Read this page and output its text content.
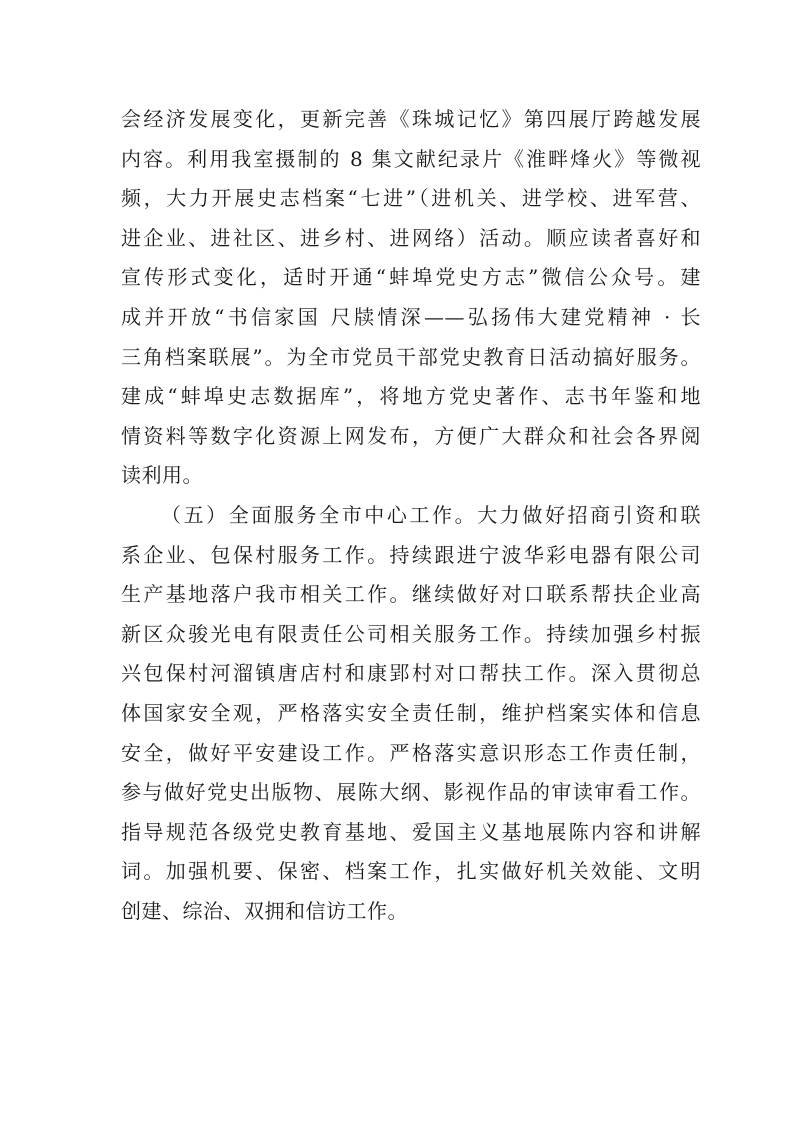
会经济发展变化，更新完善《珠城记忆》第四展厅跨越发展
内容。利用我室摄制的 8 集文献纪录片《淮畔烽火》等微视
频，大力开展史志档案“七进”（进机关、进学校、进军营、
进企业、进社区、进乡村、进网络）活动。顺应读者喜好和
宣传形式变化，适时开通“蚌埠党史方志”微信公众号。建
成并开放“书信家国 尺牍情深——弘扬伟大建党精神 · 长
三角档案联展”。为全市党员干部党史教育日活动搞好服务。
建成“蚌埠史志数据库”，将地方党史著作、志书年鉴和地
情资料等数字化资源上网发布，方便广大群众和社会各界阅
读利用。
（五）全面服务全市中心工作。大力做好招商引资和联
系企业、包保村服务工作。持续跟进宁波华彩电器有限公司
生产基地落户我市相关工作。继续做好对口联系帮扶企业高
新区众骏光电有限责任公司相关服务工作。持续加强乡村振
兴包保村河溜镇唐店村和康郢村对口帮扶工作。深入贯彻总
体国家安全观，严格落实安全责任制，维护档案实体和信息
安全，做好平安建设工作。严格落实意识形态工作责任制，
参与做好党史出版物、展陈大纲、影视作品的审读审看工作。
指导规范各级党史教育基地、爱国主义基地展陈内容和讲解
词。加强机要、保密、档案工作，扎实做好机关效能、文明
创建、综治、双拥和信访工作。
